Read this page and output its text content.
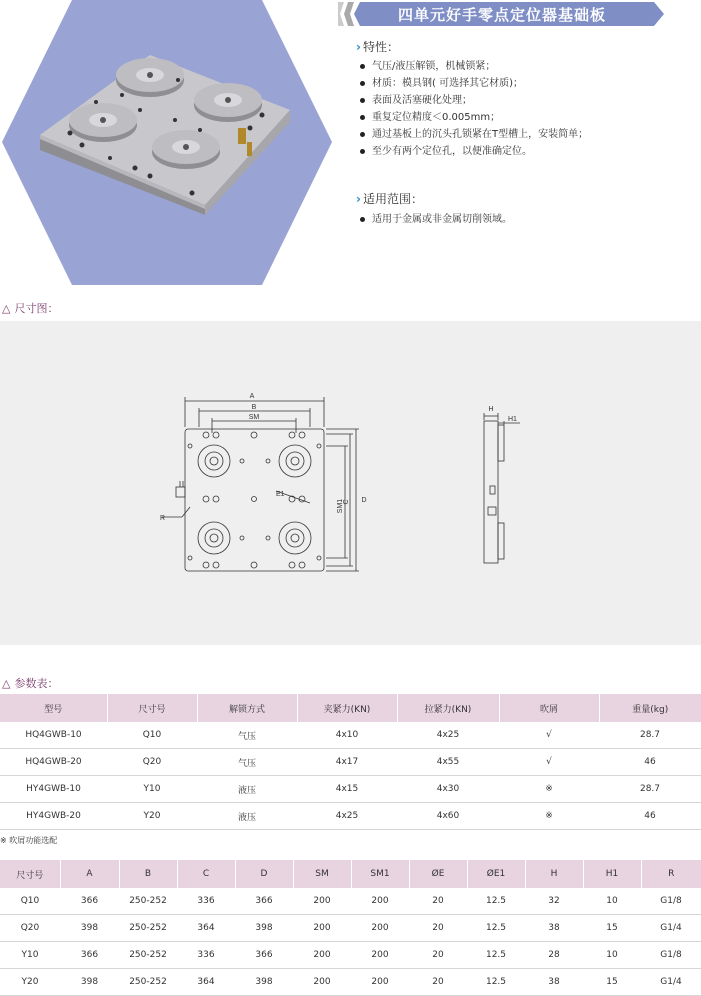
四单元好手零点定位器基础板
› 特性：
气压/液压解锁，机械锁紧；
材质：模具钢( 可选择其它材质)；
表面及活塞硬化处理；
重复定位精度＜0.005mm；
通过基板上的沉头孔锁紧在T型槽上，安装简单；
至少有两个定位孔，以便准确定位。
› 适用范围：
适用于金属或非金属切削领域。
△ 尺寸图：
A
B
SM
SM1 C D
R
E1
H
H1
△ 参数表：
型号	尺寸号	解锁方式	夹紧力(KN)	拉紧力(KN)	吹屑	重量(kg)
HQ4GWB-10	Q10	气压	4x10	4x25	√	28.7
HQ4GWB-20	Q20	气压	4x17	4x55	√	46
HY4GWB-10	Y10	液压	4x15	4x30	※	28.7
HY4GWB-20	Y20	液压	4x25	4x60	※	46
※ 吹屑功能选配
尺寸号	A	B	C	D	SM	SM1	ØE	ØE1	H	H1	R
Q10	366	250-252	336	366	200	200	20	12.5	32	10	G1/8
Q20	398	250-252	364	398	200	200	20	12.5	38	15	G1/4
Y10	366	250-252	336	366	200	200	20	12.5	28	10	G1/8
Y20	398	250-252	364	398	200	200	20	12.5	38	15	G1/4
